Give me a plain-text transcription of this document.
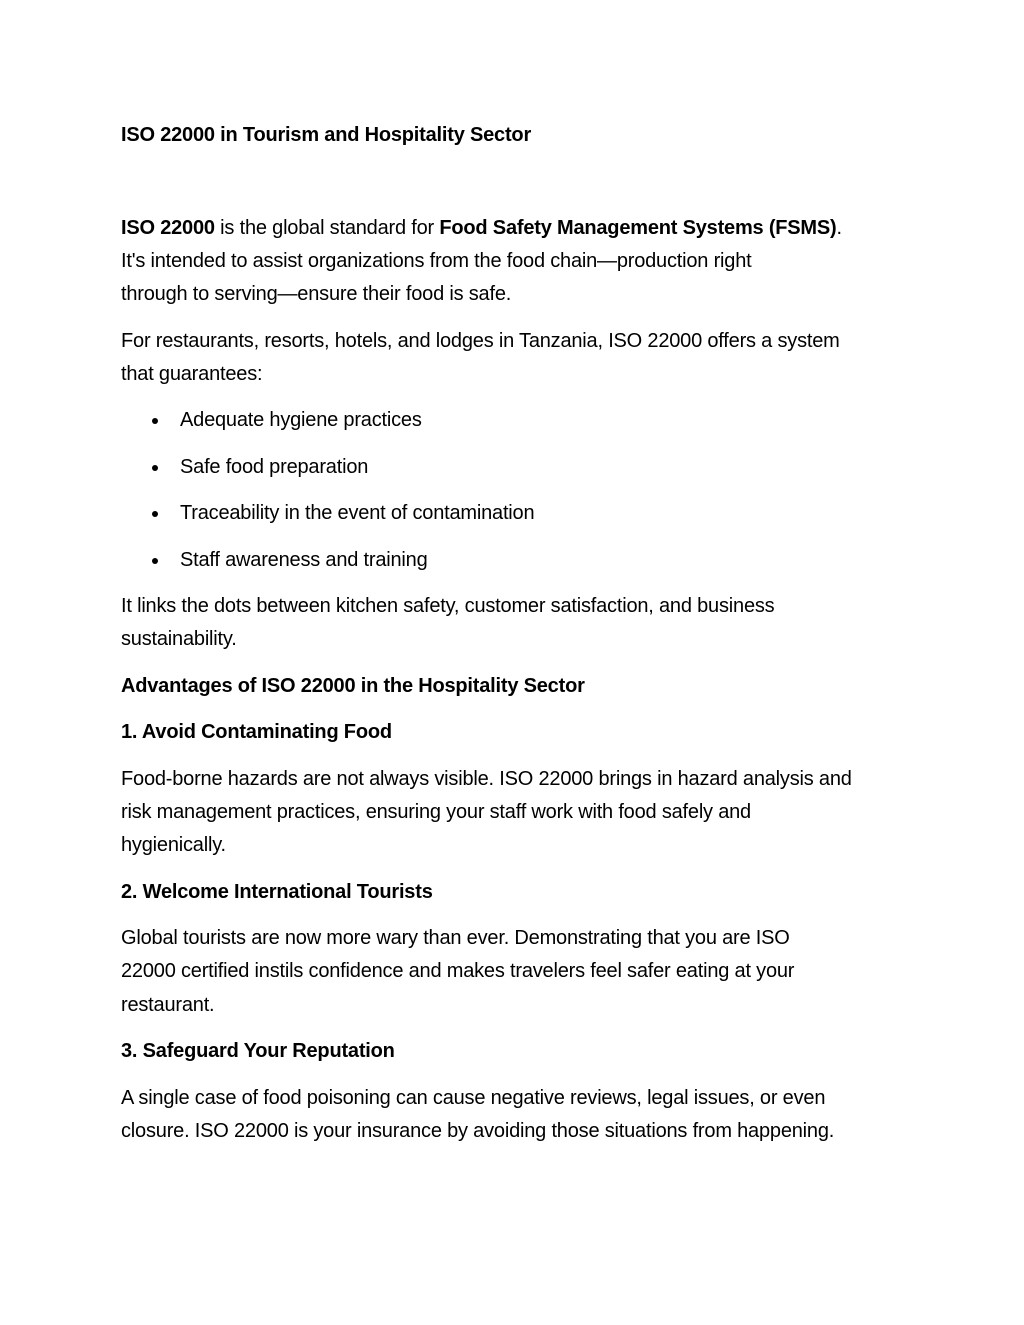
ISO 22000 in Tourism and Hospitality Sector
ISO 22000 is the global standard for Food Safety Management Systems (FSMS).
It's intended to assist organizations from the food chain—production right
through to serving—ensure their food is safe.
For restaurants, resorts, hotels, and lodges in Tanzania, ISO 22000 offers a system
that guarantees:
Adequate hygiene practices
Safe food preparation
Traceability in the event of contamination
Staff awareness and training
It links the dots between kitchen safety, customer satisfaction, and business
sustainability.
Advantages of ISO 22000 in the Hospitality Sector
1. Avoid Contaminating Food
Food-borne hazards are not always visible. ISO 22000 brings in hazard analysis and
risk management practices, ensuring your staff work with food safely and
hygienically.
2. Welcome International Tourists
Global tourists are now more wary than ever. Demonstrating that you are ISO
22000 certified instils confidence and makes travelers feel safer eating at your
restaurant.
3. Safeguard Your Reputation
A single case of food poisoning can cause negative reviews, legal issues, or even
closure. ISO 22000 is your insurance by avoiding those situations from happening.
